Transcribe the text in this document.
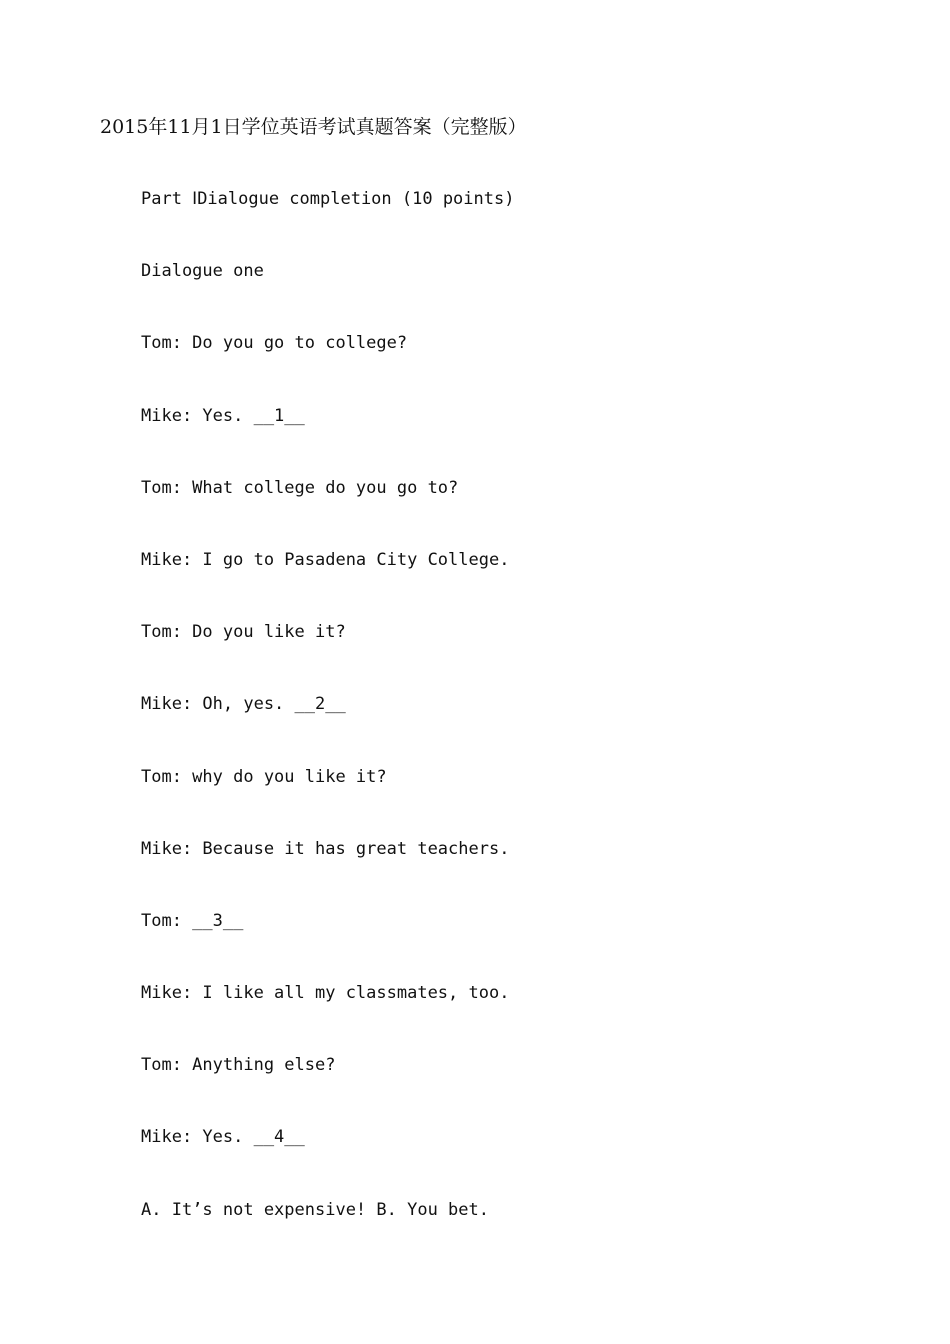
2015年11月1日学位英语考试真题答案（完整版）
Part ⅠDialogue completion (10 points)
Dialogue one
Tom: Do you go to college?
Mike: Yes. __1__
Tom: What college do you go to?
Mike: I go to Pasadena City College.
Tom: Do you like it?
Mike: Oh, yes. __2__
Tom: why do you like it?
Mike: Because it has great teachers.
Tom: __3__
Mike: I like all my classmates, too.
Tom: Anything else?
Mike: Yes. __4__
A. It’s not expensive! B. You bet.
